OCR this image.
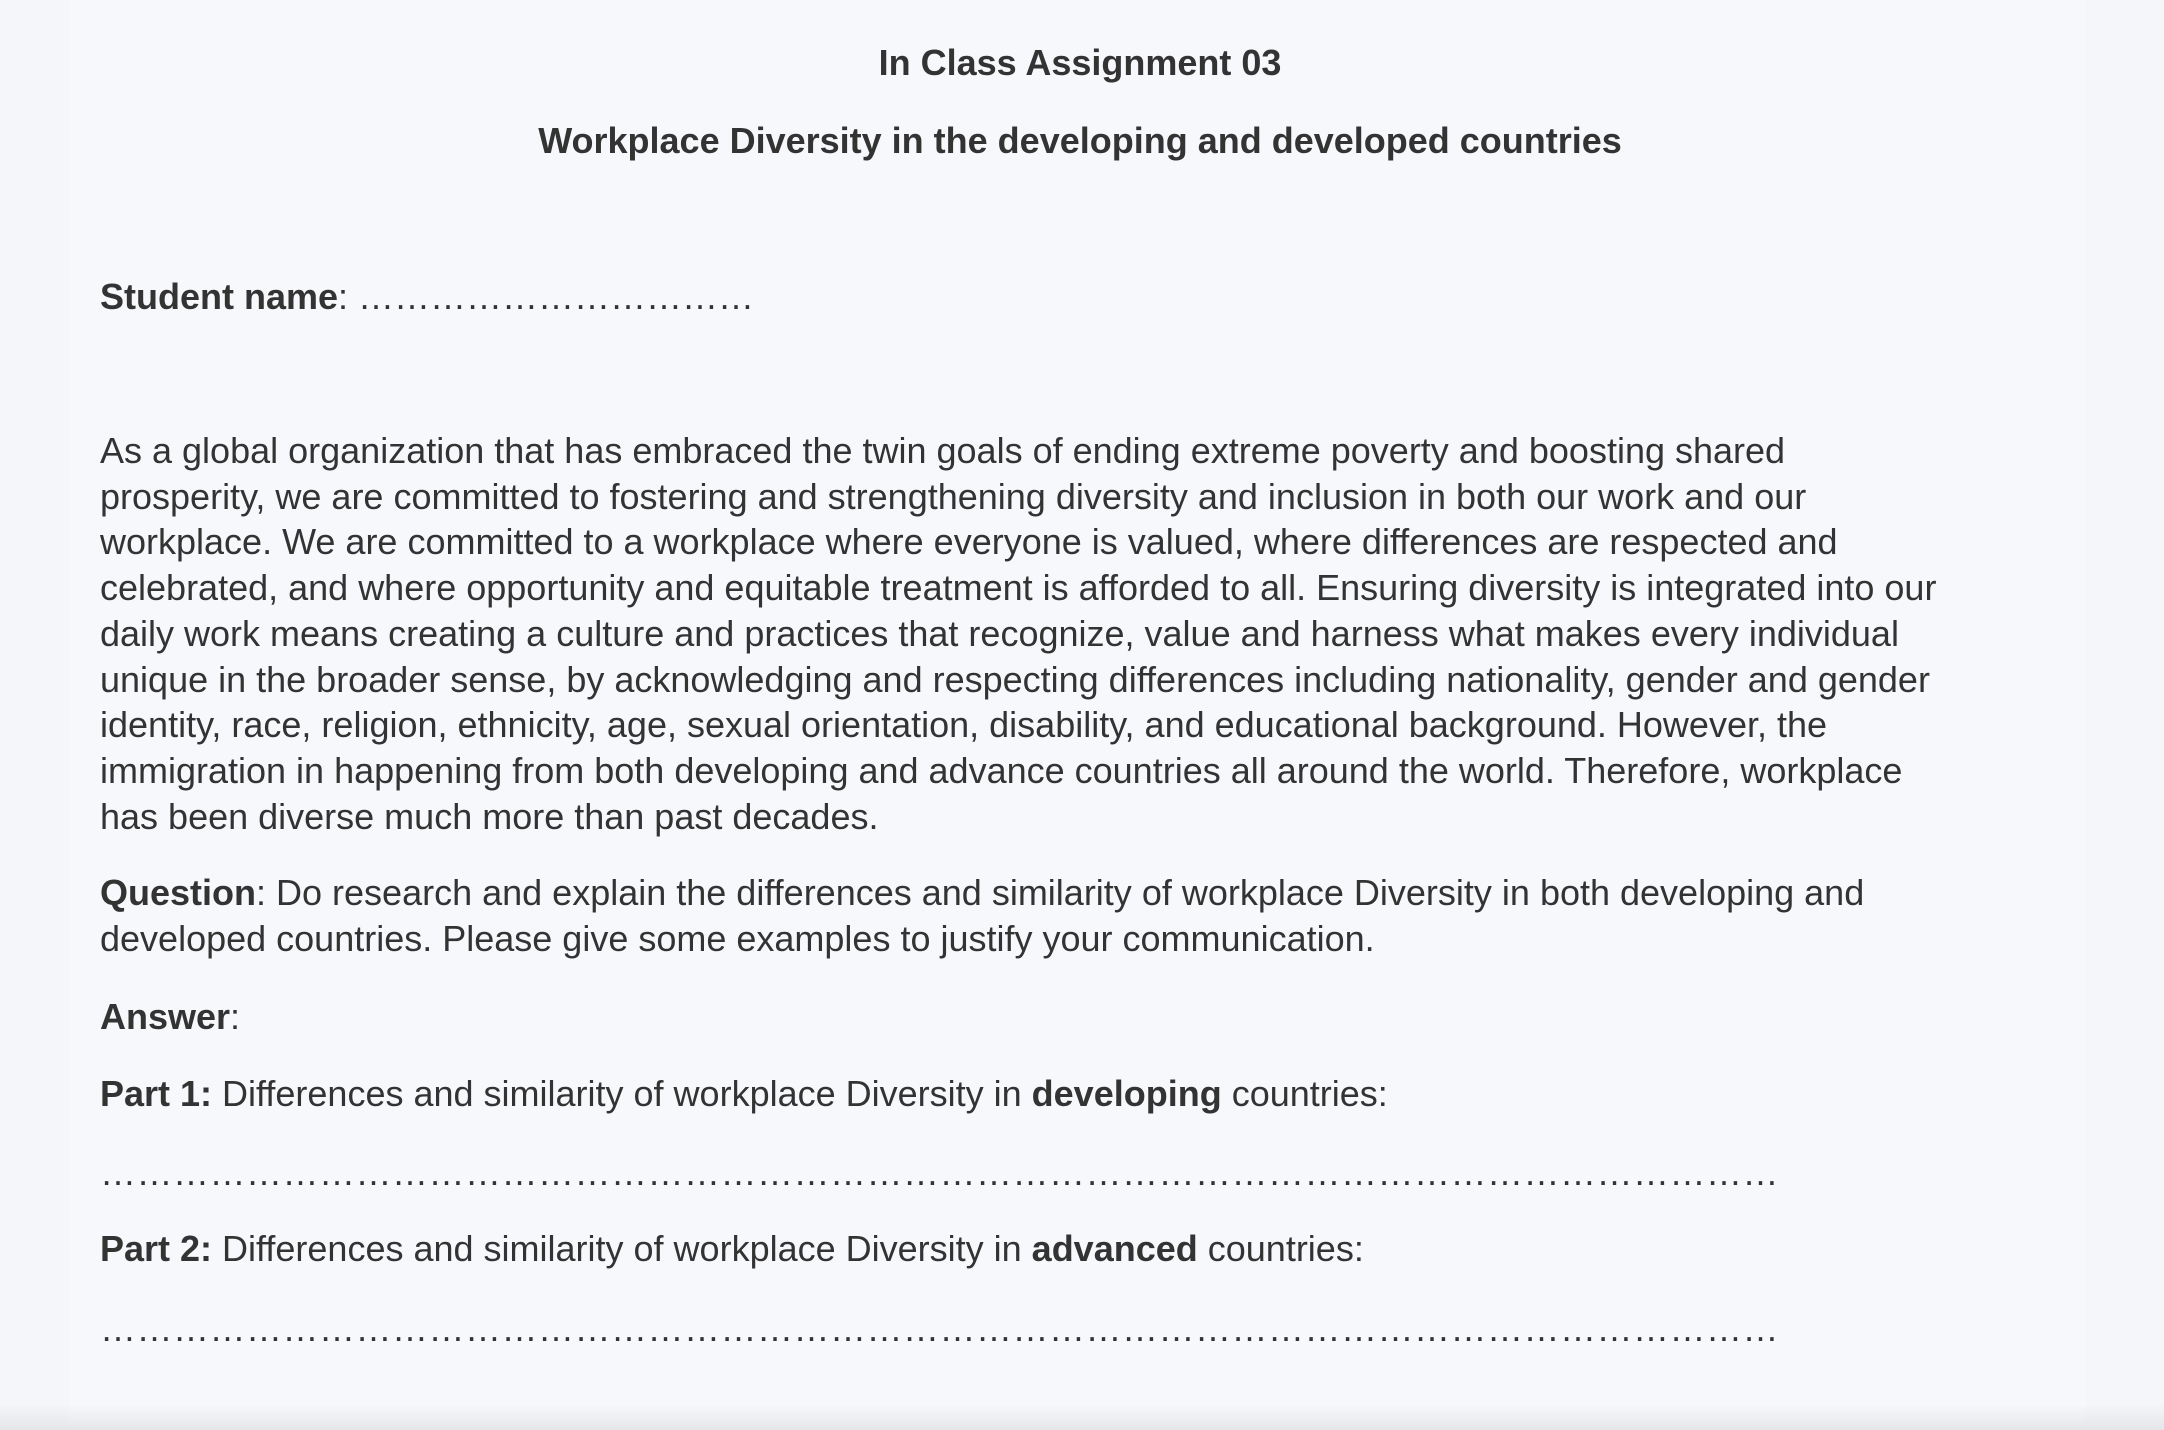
In Class Assignment 03
Workplace Diversity in the developing and developed countries
Student name: ……………………………
As a global organization that has embraced the twin goals of ending extreme poverty and boosting shared
prosperity, we are committed to fostering and strengthening diversity and inclusion in both our work and our
workplace. We are committed to a workplace where everyone is valued, where differences are respected and
celebrated, and where opportunity and equitable treatment is afforded to all. Ensuring diversity is integrated into our
daily work means creating a culture and practices that recognize, value and harness what makes every individual
unique in the broader sense, by acknowledging and respecting differences including nationality, gender and gender
identity, race, religion, ethnicity, age, sexual orientation, disability, and educational background. However, the
immigration in happening from both developing and advance countries all around the world. Therefore, workplace
has been diverse much more than past decades.
Question: Do research and explain the differences and similarity of workplace Diversity in both developing and
developed countries. Please give some examples to justify your communication.
Answer:
Part 1: Differences and similarity of workplace Diversity in developing countries:
…………………………………………………………………………………………………………………………
Part 2: Differences and similarity of workplace Diversity in advanced countries:
…………………………………………………………………………………………………………………………
